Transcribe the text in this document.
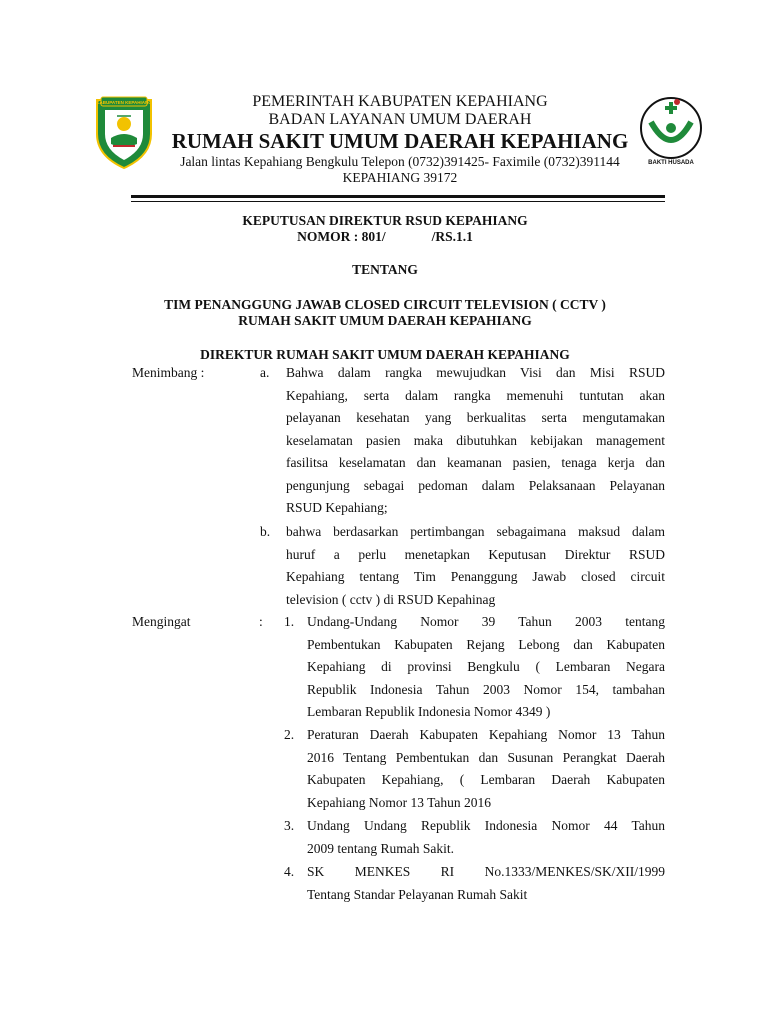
KABUPATEN KEPAHIANG
BAKTI HUSADA
PEMERINTAH KABUPATEN KEPAHIANG
BADAN LAYANAN UMUM DAERAH
RUMAH SAKIT UMUM DAERAH KEPAHIANG
Jalan lintas Kepahiang Bengkulu Telepon (0732)391425- Faximile (0732)391144
KEPAHIANG 39172
KEPUTUSAN DIREKTUR RSUD KEPAHIANG
NOMOR : 801/	/RS.1.1
TENTANG
TIM PENANGGUNG JAWAB CLOSED CIRCUIT TELEVISION ( CCTV )
RUMAH SAKIT UMUM DAERAH KEPAHIANG
DIREKTUR RUMAH SAKIT UMUM DAERAH KEPAHIANG
Menimbang :	a. Bahwa dalam rangka mewujudkan Visi dan Misi RSUD
Kepahiang, serta dalam rangka memenuhi tuntutan akan
pelayanan kesehatan yang berkualitas serta mengutamakan
keselamatan pasien maka dibutuhkan kebijakan management
fasilitsa keselamatan dan keamanan pasien, tenaga kerja dan
pengunjung sebagai pedoman dalam Pelaksanaan Pelayanan
RSUD Kepahiang;
b. bahwa berdasarkan pertimbangan sebagaimana maksud dalam
huruf a perlu menetapkan Keputusan Direktur RSUD
Kepahiang tentang Tim Penanggung Jawab closed circuit
television ( cctv ) di RSUD Kepahinag
Mengingat	: 1. Undang-Undang Nomor 39 Tahun 2003 tentang
Pembentukan Kabupaten Rejang Lebong dan Kabupaten
Kepahiang di provinsi Bengkulu ( Lembaran Negara
Republik Indonesia Tahun 2003 Nomor 154, tambahan
Lembaran Republik Indonesia Nomor 4349 )
2. Peraturan Daerah Kabupaten Kepahiang Nomor 13 Tahun
2016 Tentang Pembentukan dan Susunan Perangkat Daerah
Kabupaten Kepahiang, ( Lembaran Daerah Kabupaten
Kepahiang Nomor 13 Tahun 2016
3. Undang Undang Republik Indonesia Nomor 44 Tahun
2009 tentang Rumah Sakit.
4. SK MENKES RI No.1333/MENKES/SK/XII/1999
Tentang Standar Pelayanan Rumah Sakit
